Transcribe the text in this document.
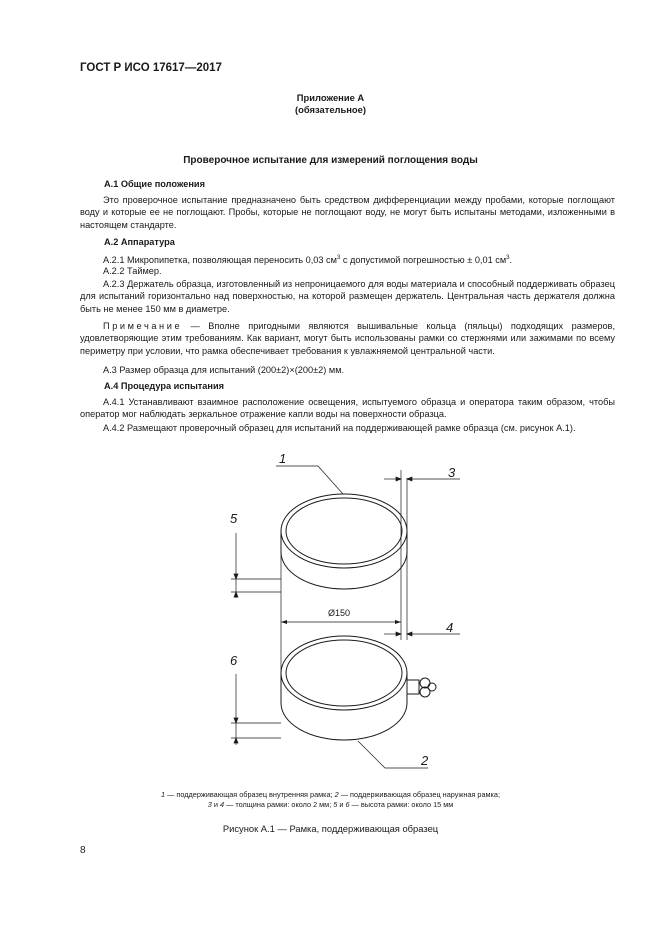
ГОСТ Р ИСО 17617—2017
Приложение А
(обязательное)
Проверочное испытание для измерений поглощения воды
А.1 Общие положения
Это проверочное испытание предназначено быть средством дифференциации между пробами, которые поглощают воду и которые ее не поглощают. Пробы, которые не поглощают воду, не могут быть испытаны методами, изложенными в настоящем стандарте.
А.2 Аппаратура
А.2.1 Микропипетка, позволяющая переносить 0,03 $см^3$ с допустимой погрешностью ± 0,01 $см^3$.
А.2.2 Таймер.
А.2.3 Держатель образца, изготовленный из непроницаемого для воды материала и способный поддерживать образец для испытаний горизонтально над поверхностью, на которой размещен держатель. Центральная часть держателя должна быть не менее 150 мм в диаметре.
Примечание — Вполне пригодными являются вышивальные кольца (пяльцы) подходящих размеров, удовлетворяющие этим требованиям. Как вариант, могут быть использованы рамки со стержнями или зажимами по всему периметру при условии, что рамка обеспечивает требования к увлажняемой центральной части.
А.3 Размер образца для испытаний (200±2)×(200±2) мм.
А.4 Процедура испытания
А.4.1 Устанавливают взаимное расположение освещения, испытуемого образца и оператора таким образом, чтобы оператор мог наблюдать зеркальное отражение капли воды на поверхности образца.
А.4.2 Размещают проверочный образец для испытаний на поддерживающей рамке образца (см. рисунок А.1).
1
3
5
4
6
2
Ø150
1 — поддерживающая образец внутренняя рамка; 2 — поддерживающая образец наружная рамка;
3 и 4 — толщина рамки: около 2 мм; 5 и 6 — высота рамки: около 15 мм
Рисунок А.1 — Рамка, поддерживающая образец
8
